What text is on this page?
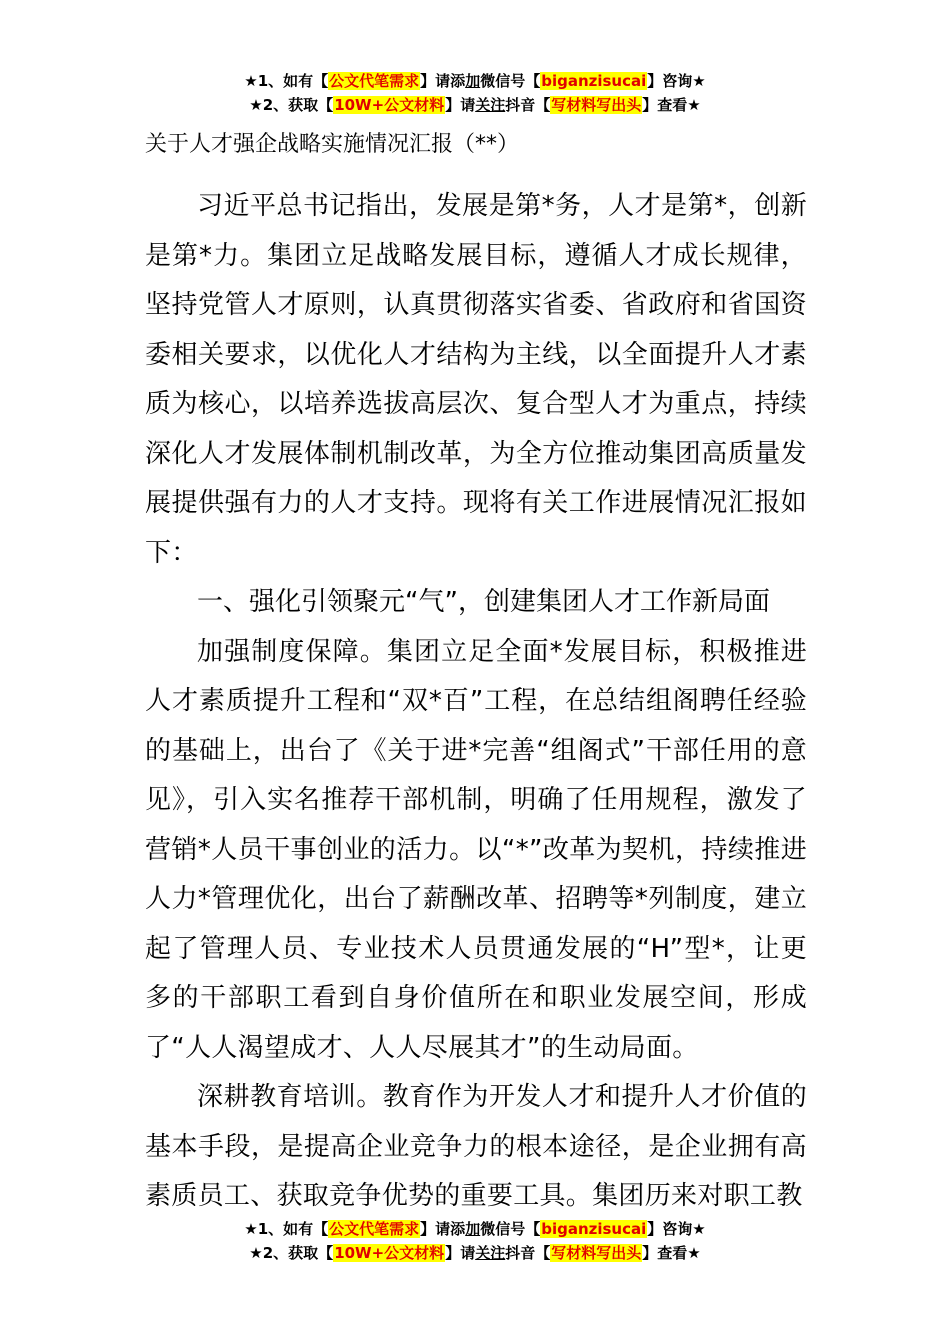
★1、如有【公文代笔需求】请添加微信号【biganzisucai】咨询★
★2、获取【10W+公文材料】请关注抖音【写材料写出头】查看★
关于人才强企战略实施情况汇报（**）

习近平总书记指出，发展是第*务，人才是第*，创新是第*力。集团立足战略发展目标，遵循人才成长规律，坚持党管人才原则，认真贯彻落实省委、省政府和省国资委相关要求，以优化人才结构为主线，以全面提升人才素质为核心，以培养选拔高层次、复合型人才为重点，持续深化人才发展体制机制改革，为全方位推动集团高质量发展提供强有力的人才支持。现将有关工作进展情况汇报如下：

一、强化引领聚元“气”，创建集团人才工作新局面

加强制度保障。集团立足全面*发展目标，积极推进人才素质提升工程和“双*百”工程，在总结组阁聘任经验的基础上，出台了《关于进*完善“组阁式”干部任用的意见》，引入实名推荐干部机制，明确了任用规程，激发了营销*人员干事创业的活力。以“*”改革为契机，持续推进人力*管理优化，出台了薪酬改革、招聘等*列制度，建立起了管理人员、专业技术人员贯通发展的“H”型*，让更多的干部职工看到自身价值所在和职业发展空间，形成了“人人渴望成才、人人尽展其才”的生动局面。

深耕教育培训。教育作为开发人才和提升人才价值的基本手段，是提高企业竞争力的根本途径，是企业拥有高素质员工、获取竞争优势的重要工具。集团历来对职工教

★1、如有【公文代笔需求】请添加微信号【biganzisucai】咨询★
★2、获取【10W+公文材料】请关注抖音【写材料写出头】查看★
